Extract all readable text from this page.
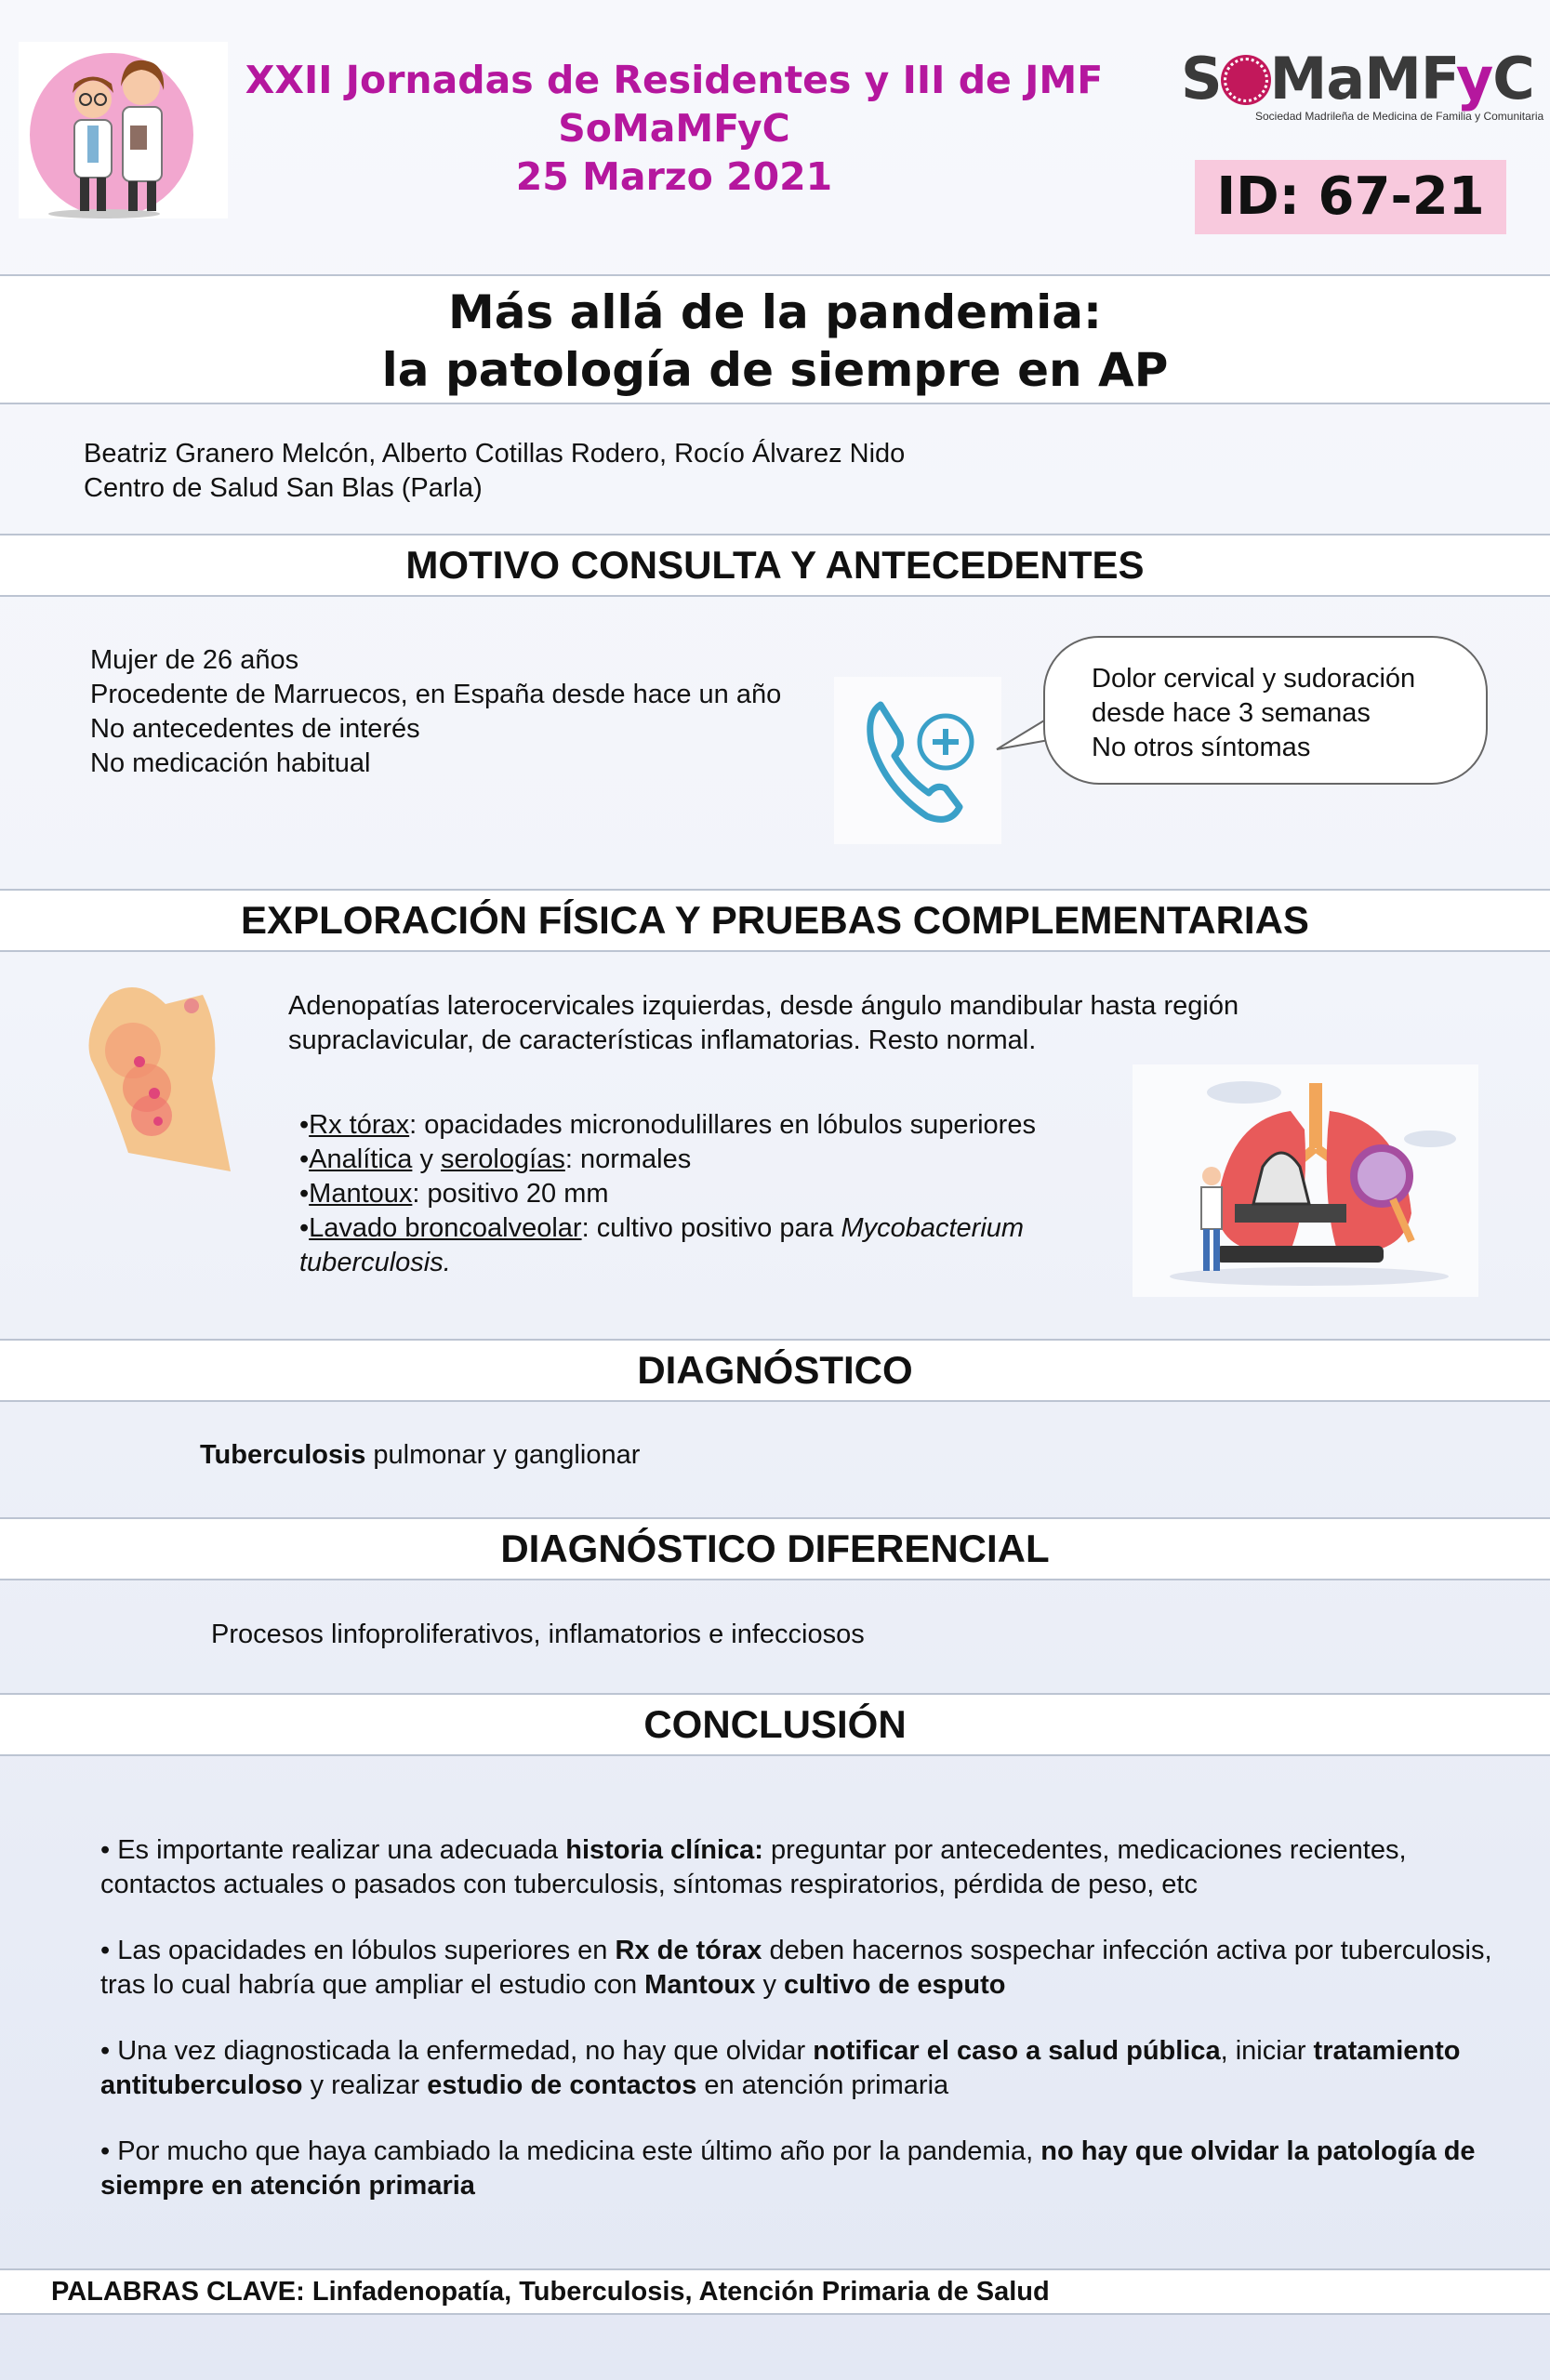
XXII Jornadas de Residentes y III de JMF
SoMaMFyC
25 Marzo 2021
S MaMFyC
Sociedad Madrileña de Medicina de Familia y Comunitaria
ID: 67-21
Más allá de la pandemia:
la patología de siempre en AP
Beatriz Granero Melcón, Alberto Cotillas Rodero, Rocío Álvarez Nido
Centro de Salud San Blas (Parla)
MOTIVO CONSULTA Y ANTECEDENTES
Mujer de 26 años
Procedente de Marruecos, en España desde hace un año
No antecedentes de interés
No medicación habitual
Dolor cervical y sudoración
desde hace 3 semanas
No otros síntomas
EXPLORACIÓN FÍSICA Y PRUEBAS COMPLEMENTARIAS
Adenopatías laterocervicales izquierdas, desde ángulo mandibular hasta región
supraclavicular, de características inflamatorias. Resto normal.
• Rx tórax: opacidades micronodulillares en lóbulos superiores
• Analítica y serologías: normales
• Mantoux: positivo 20 mm
• Lavado broncoalveolar: cultivo positivo para Mycobacterium
tuberculosis.
DIAGNÓSTICO
Tuberculosis pulmonar y ganglionar
DIAGNÓSTICO DIFERENCIAL
Procesos linfoproliferativos, inflamatorios e infecciosos
CONCLUSIÓN

• Es importante realizar una adecuada historia clínica: preguntar por antecedentes, medicaciones recientes, contactos actuales o pasados con tuberculosis, síntomas respiratorios, pérdida de peso, etc

• Las opacidades en lóbulos superiores en Rx de tórax deben hacernos sospechar infección activa por tuberculosis, tras lo cual habría que ampliar el estudio con Mantoux y cultivo de esputo

• Una vez diagnosticada la enfermedad, no hay que olvidar notificar el caso a salud pública, iniciar tratamiento antituberculoso y realizar estudio de contactos en atención primaria

• Por mucho que haya cambiado la medicina este último año por la pandemia, no hay que olvidar la patología de siempre en atención primaria

PALABRAS CLAVE: Linfadenopatía, Tuberculosis, Atención Primaria de Salud
